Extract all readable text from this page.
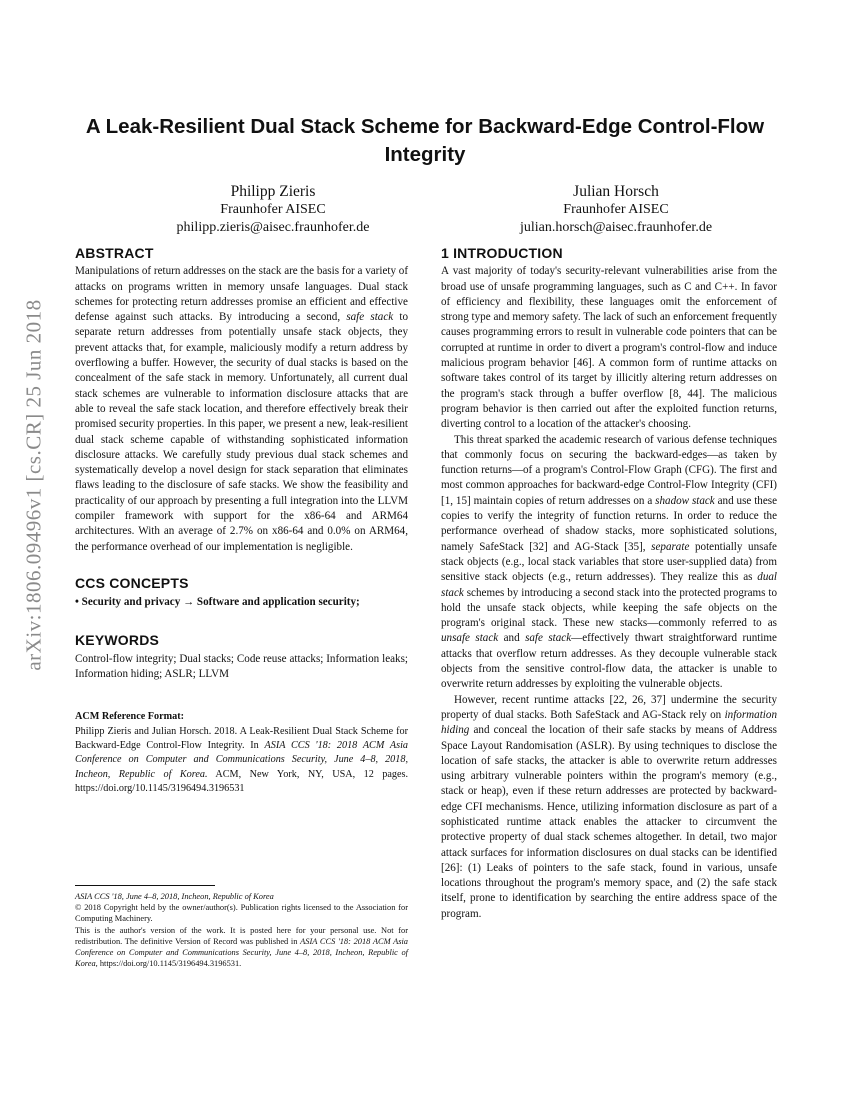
arXiv:1806.09496v1 [cs.CR] 25 Jun 2018
A Leak-Resilient Dual Stack Scheme for Backward-Edge Control-Flow Integrity
Philipp Zieris
Fraunhofer AISEC
philipp.zieris@aisec.fraunhofer.de
Julian Horsch
Fraunhofer AISEC
julian.horsch@aisec.fraunhofer.de
ABSTRACT

Manipulations of return addresses on the stack are the basis for a variety of attacks on programs written in memory unsafe languages. Dual stack schemes for protecting return addresses promise an efficient and effective defense against such attacks. By introducing a second, safe stack to separate return addresses from potentially unsafe stack objects, they prevent attacks that, for example, maliciously modify a return address by overflowing a buffer. However, the security of dual stacks is based on the concealment of the safe stack in memory. Unfortunately, all current dual stack schemes are vulnerable to information disclosure attacks that are able to reveal the safe stack location, and therefore effectively break their promised security properties. In this paper, we present a new, leak-resilient dual stack scheme capable of withstanding sophisticated information disclosure attacks. We carefully study previous dual stack schemes and systematically develop a novel design for stack separation that eliminates flaws leading to the disclosure of safe stacks. We show the feasibility and practicality of our approach by presenting a full integration into the LLVM compiler framework with support for the x86-64 and ARM64 architectures. With an average of 2.7% on x86-64 and 0.0% on ARM64, the performance overhead of our implementation is negligible.

CCS CONCEPTS

• Security and privacy → Software and application security;

KEYWORDS

Control-flow integrity; Dual stacks; Code reuse attacks; Information leaks; Information hiding; ASLR; LLVM

ACM Reference Format:

Philipp Zieris and Julian Horsch. 2018. A Leak-Resilient Dual Stack Scheme for Backward-Edge Control-Flow Integrity. In ASIA CCS '18: 2018 ACM Asia Conference on Computer and Communications Security, June 4–8, 2018, Incheon, Republic of Korea. ACM, New York, NY, USA, 12 pages. https://doi.org/10.1145/3196494.3196531

ASIA CCS '18, June 4–8, 2018, Incheon, Republic of Korea

© 2018 Copyright held by the owner/author(s). Publication rights licensed to the Association for Computing Machinery.

This is the author's version of the work. It is posted here for your personal use. Not for redistribution. The definitive Version of Record was published in ASIA CCS '18: 2018 ACM Asia Conference on Computer and Communications Security, June 4–8, 2018, Incheon, Republic of Korea, https://doi.org/10.1145/3196494.3196531.

1 INTRODUCTION

A vast majority of today's security-relevant vulnerabilities arise from the broad use of unsafe programming languages, such as C and C++. In favor of efficiency and flexibility, these languages omit the enforcement of strong type and memory safety. The lack of such an enforcement frequently causes programming errors to result in vulnerable code pointers that can be corrupted at runtime in order to divert a program's control-flow and induce malicious program behavior [46]. A common form of runtime attacks on software takes control of its target by illicitly altering return addresses on the program's stack through a buffer overflow [8, 44]. The malicious program behavior is then carried out after the exploited function returns, diverting control to a location of the attacker's choosing.

This threat sparked the academic research of various defense techniques that commonly focus on securing the backward-edges—as taken by function returns—of a program's Control-Flow Graph (CFG). The first and most common approaches for backward-edge Control-Flow Integrity (CFI) [1, 15] maintain copies of return addresses on a shadow stack and use these copies to verify the integrity of function returns. In order to reduce the performance overhead of shadow stacks, more sophisticated solutions, namely SafeStack [32] and AG-Stack [35], separate potentially unsafe stack objects (e.g., local stack variables that store user-supplied data) from sensitive stack objects (e.g., return addresses). They realize this as dual stack schemes by introducing a second stack into the protected programs to hold the unsafe stack objects, while keeping the safe objects on the program's original stack. These new stacks—commonly referred to as unsafe stack and safe stack—effectively thwart straightforward runtime attacks that overflow return addresses. As they decouple vulnerable stack objects from the sensitive control-flow data, the attacker is unable to overwrite return addresses by exploiting the vulnerable objects.

However, recent runtime attacks [22, 26, 37] undermine the security property of dual stacks. Both SafeStack and AG-Stack rely on information hiding and conceal the location of their safe stacks by means of Address Space Layout Randomisation (ASLR). By using techniques to disclose the location of safe stacks, the attacker is able to overwrite return addresses using arbitrary vulnerable pointers within the program's memory (e.g., stack or heap), even if these return addresses are protected by backward-edge CFI mechanisms. Hence, utilizing information disclosure as part of a sophisticated runtime attack enables the attacker to circumvent the protective property of dual stack schemes altogether. In detail, two major attack surfaces for information disclosures on dual stacks can be identified [26]: (1) Leaks of pointers to the safe stack, found in various, unsafe locations throughout the program's memory space, and (2) the safe stack itself, prone to identification by searching the entire address space of the program.
